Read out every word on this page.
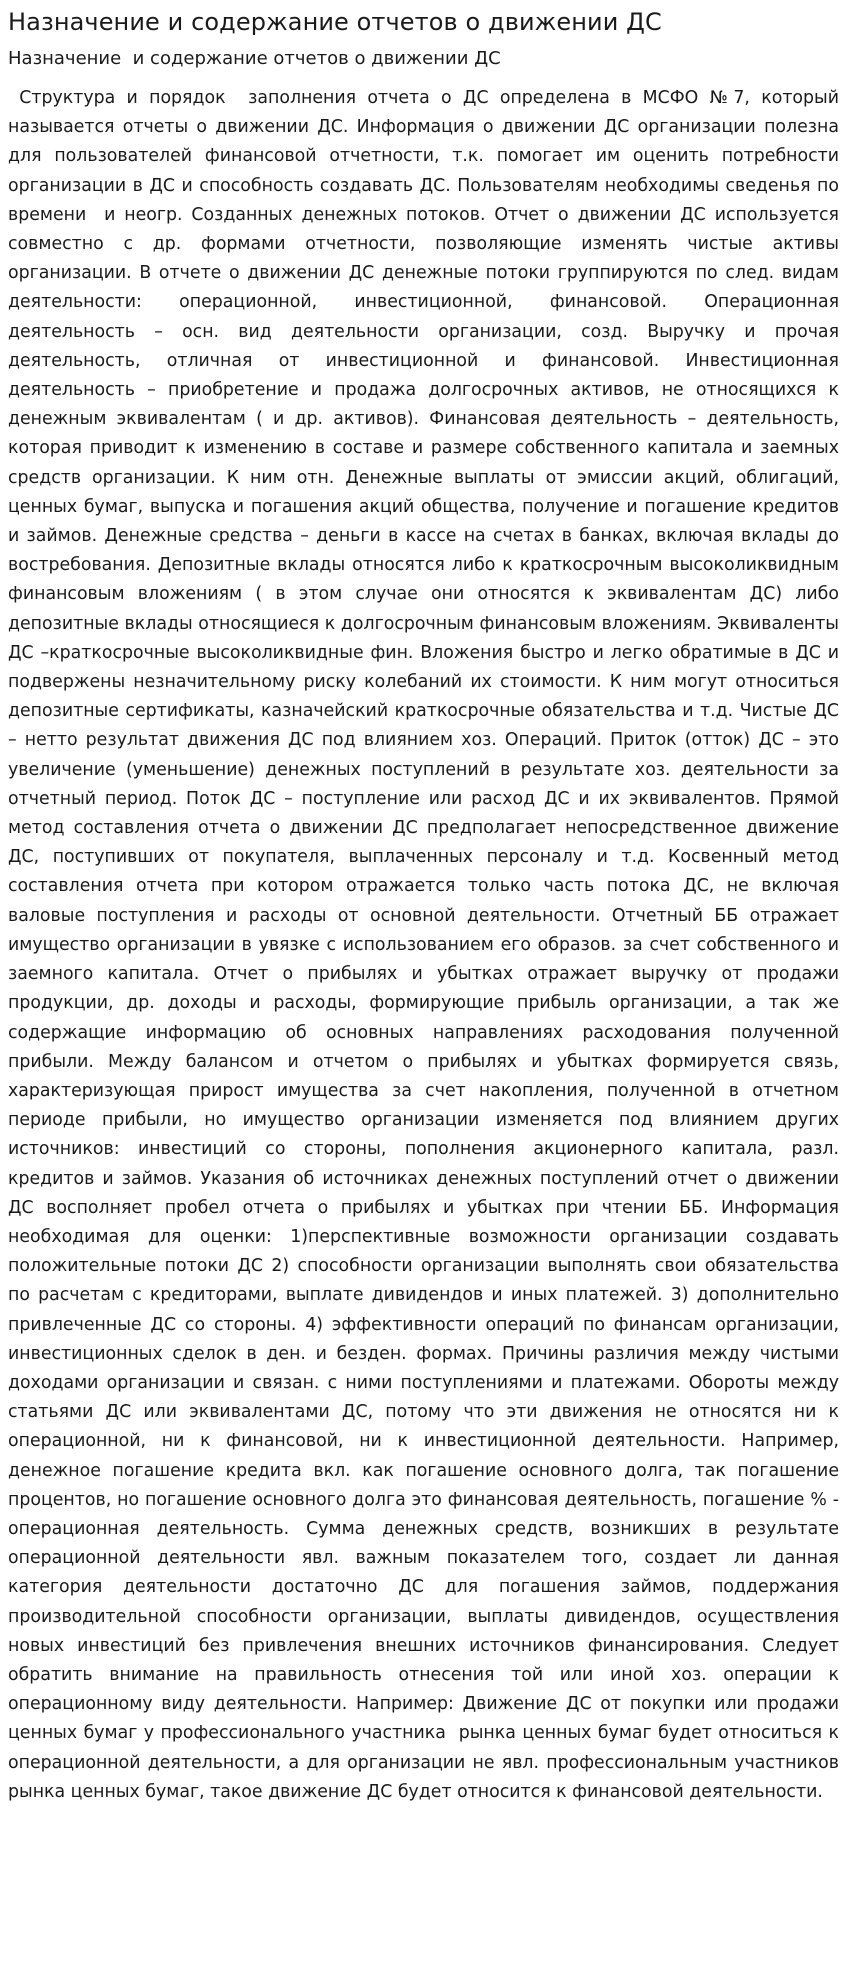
Назначение и содержание отчетов о движении ДС
Назначение  и содержание отчетов о движении ДС

Структура и порядок  заполнения отчета о ДС определена в МСФО №7, который называется отчеты о движении ДС. Информация о движении ДС организации полезна для пользователей финансовой отчетности, т.к. помогает им оценить потребности организации в ДС и способность создавать ДС. Пользователям необходимы сведенья по времени  и неогр. Созданных денежных потоков. Отчет о движении ДС используется совместно с др. формами отчетности, позволяющие изменять чистые активы организации. В отчете о движении ДС денежные потоки группируются по след. видам деятельности: операционной, инвестиционной, финансовой. Операционная деятельность – осн. вид деятельности организации, созд. Выручку и прочая деятельность, отличная от инвестиционной и финансовой. Инвестиционная деятельность – приобретение и продажа долгосрочных активов, не относящихся к денежным эквивалентам ( и др. активов). Финансовая деятельность – деятельность, которая приводит к изменению в составе и размере собственного капитала и заемных средств организации. К ним отн. Денежные выплаты от эмиссии акций, облигаций, ценных бумаг, выпуска и погашения акций общества, получение и погашение кредитов и займов. Денежные средства – деньги в кассе на счетах в банках, включая вклады до востребования. Депозитные вклады относятся либо к краткосрочным высоколиквидным финансовым вложениям ( в этом случае они относятся к эквивалентам ДС) либо депозитные вклады относящиеся к долгосрочным финансовым вложениям. Эквиваленты ДС –краткосрочные высоколиквидные фин. Вложения быстро и легко обратимые в ДС и подвержены незначительному риску колебаний их стоимости. К ним могут относиться депозитные сертификаты, казначейский краткосрочные обязательства и т.д. Чистые ДС – нетто результат движения ДС под влиянием хоз. Операций. Приток (отток) ДС – это увеличение (уменьшение) денежных поступлений в результате хоз. деятельности за отчетный период. Поток ДС – поступление или расход ДС и их эквивалентов. Прямой метод составления отчета о движении ДС предполагает непосредственное движение ДС, поступивших от покупателя, выплаченных персоналу и т.д. Косвенный метод составления отчета при котором отражается только часть потока ДС, не включая валовые поступления и расходы от основной деятельности. Отчетный ББ отражает имущество организации в увязке с использованием его образов. за счет собственного и заемного капитала. Отчет о прибылях и убытках отражает выручку от продажи продукции, др. доходы и расходы, формирующие прибыль организации, а так же содержащие информацию об основных направлениях расходования полученной прибыли. Между балансом и отчетом о прибылях и убытках формируется связь, характеризующая прирост имущества за счет накопления, полученной в отчетном периоде прибыли, но имущество организации изменяется под влиянием других источников: инвестиций со стороны, пополнения акционерного капитала, разл. кредитов и займов. Указания об источниках денежных поступлений отчет о движении ДС восполняет пробел отчета о прибылях и убытках при чтении ББ. Информация необходимая для оценки: 1)перспективные возможности организации создавать положительные потоки ДС 2) способности организации выполнять свои обязательства по расчетам с кредиторами, выплате дивидендов и иных платежей. 3) дополнительно привлеченные ДС со стороны. 4) эффективности операций по финансам организации, инвестиционных сделок в ден. и безден. формах. Причины различия между чистыми доходами организации и связан. с ними поступлениями и платежами. Обороты между статьями ДС или эквивалентами ДС, потому что эти движения не относятся ни к операционной, ни к финансовой, ни к инвестиционной деятельности. Например, денежное погашение кредита вкл. как погашение основного долга, так погашение процентов, но погашение основного долга это финансовая деятельность, погашение % - операционная деятельность. Сумма денежных средств, возникших в результате операционной деятельности явл. важным показателем того, создает ли данная категория деятельности достаточно ДС для погашения займов, поддержания производительной способности организации, выплаты дивидендов, осуществления новых инвестиций без привлечения внешних источников финансирования. Следует обратить внимание на правильность отнесения той или иной хоз. операции к операционному виду деятельности. Например: Движение ДС от покупки или продажи ценных бумаг у профессионального участника  рынка ценных бумаг будет относиться к операционной деятельности, а для организации не явл. профессиональным участников рынка ценных бумаг, такое движение ДС будет относится к финансовой деятельности.
